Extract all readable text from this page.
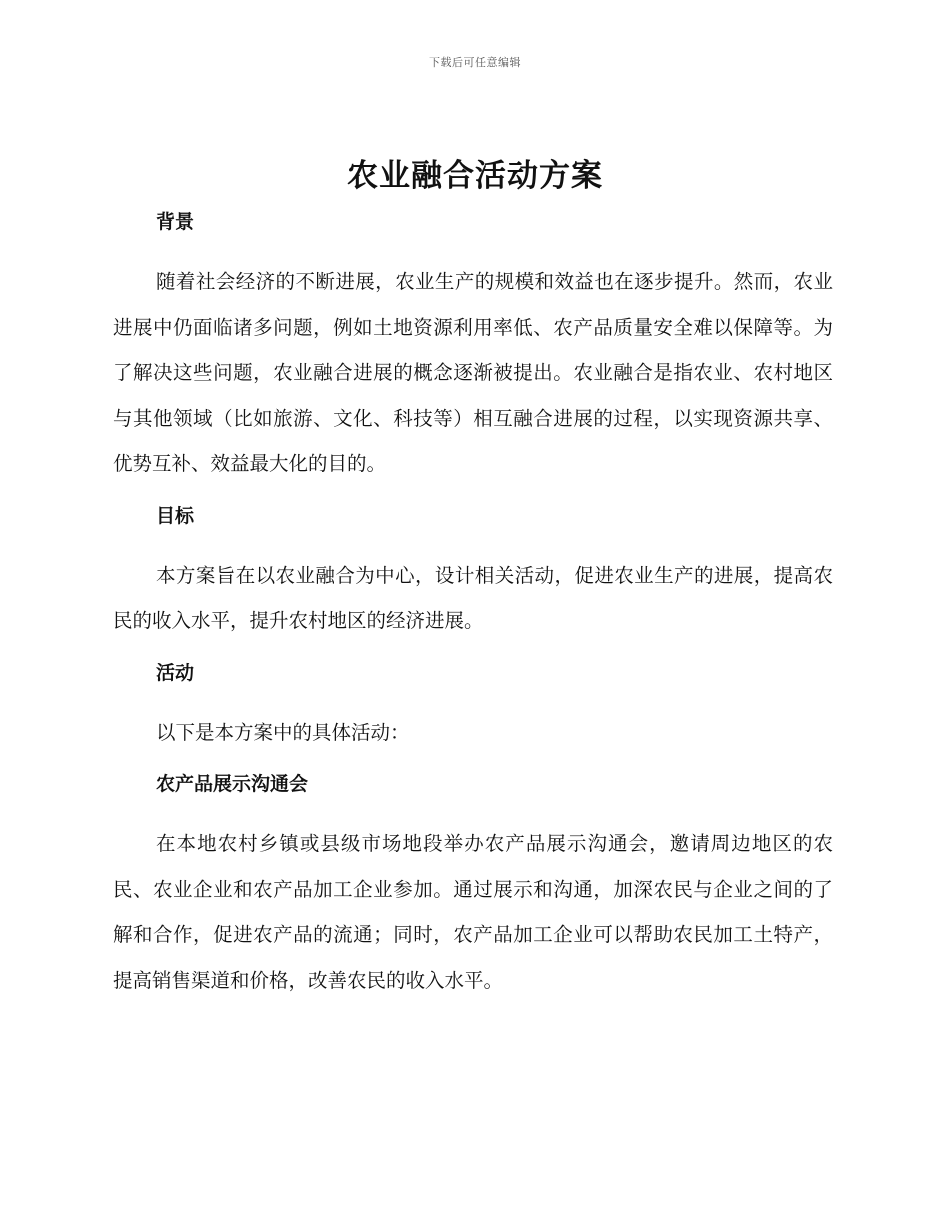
下载后可任意编辑
农业融合活动方案
背景

随着社会经济的不断进展，农业生产的规模和效益也在逐步提升。然而，农业进展中仍面临诸多问题，例如土地资源利用率低、农产品质量安全难以保障等。为了解决这些问题，农业融合进展的概念逐渐被提出。农业融合是指农业、农村地区与其他领域（比如旅游、文化、科技等）相互融合进展的过程，以实现资源共享、优势互补、效益最大化的目的。

目标

本方案旨在以农业融合为中心，设计相关活动，促进农业生产的进展，提高农民的收入水平，提升农村地区的经济进展。

活动

以下是本方案中的具体活动：

农产品展示沟通会

在本地农村乡镇或县级市场地段举办农产品展示沟通会，邀请周边地区的农民、农业企业和农产品加工企业参加。通过展示和沟通，加深农民与企业之间的了解和合作，促进农产品的流通；同时，农产品加工企业可以帮助农民加工土特产，提高销售渠道和价格，改善农民的收入水平。
